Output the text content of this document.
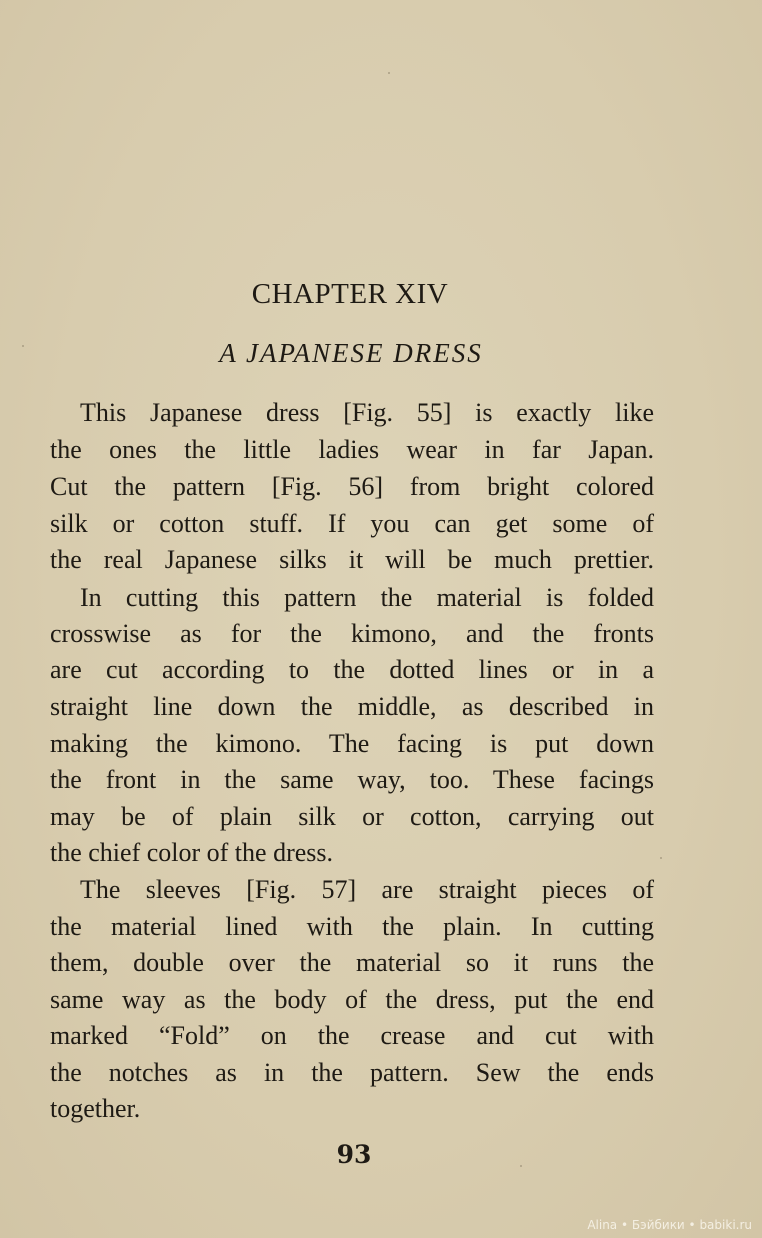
CHAPTER XIV
A JAPANESE DRESS
This Japanese dress [Fig. 55] is exactly like
the ones the little ladies wear in far Japan.
Cut the pattern [Fig. 56] from bright colored
silk or cotton stuff. If you can get some of
the real Japanese silks it will be much prettier.
In cutting this pattern the material is folded
crosswise as for the kimono, and the fronts
are cut according to the dotted lines or in a
straight line down the middle, as described in
making the kimono. The facing is put down
the front in the same way, too. These facings
may be of plain silk or cotton, carrying out
the chief color of the dress.
The sleeves [Fig. 57] are straight pieces of
the material lined with the plain. In cutting
them, double over the material so it runs the
same way as the body of the dress, put the end
marked “Fold” on the crease and cut with
the notches as in the pattern. Sew the ends
together.
93
Alina • Бэйбики • babiki.ru
